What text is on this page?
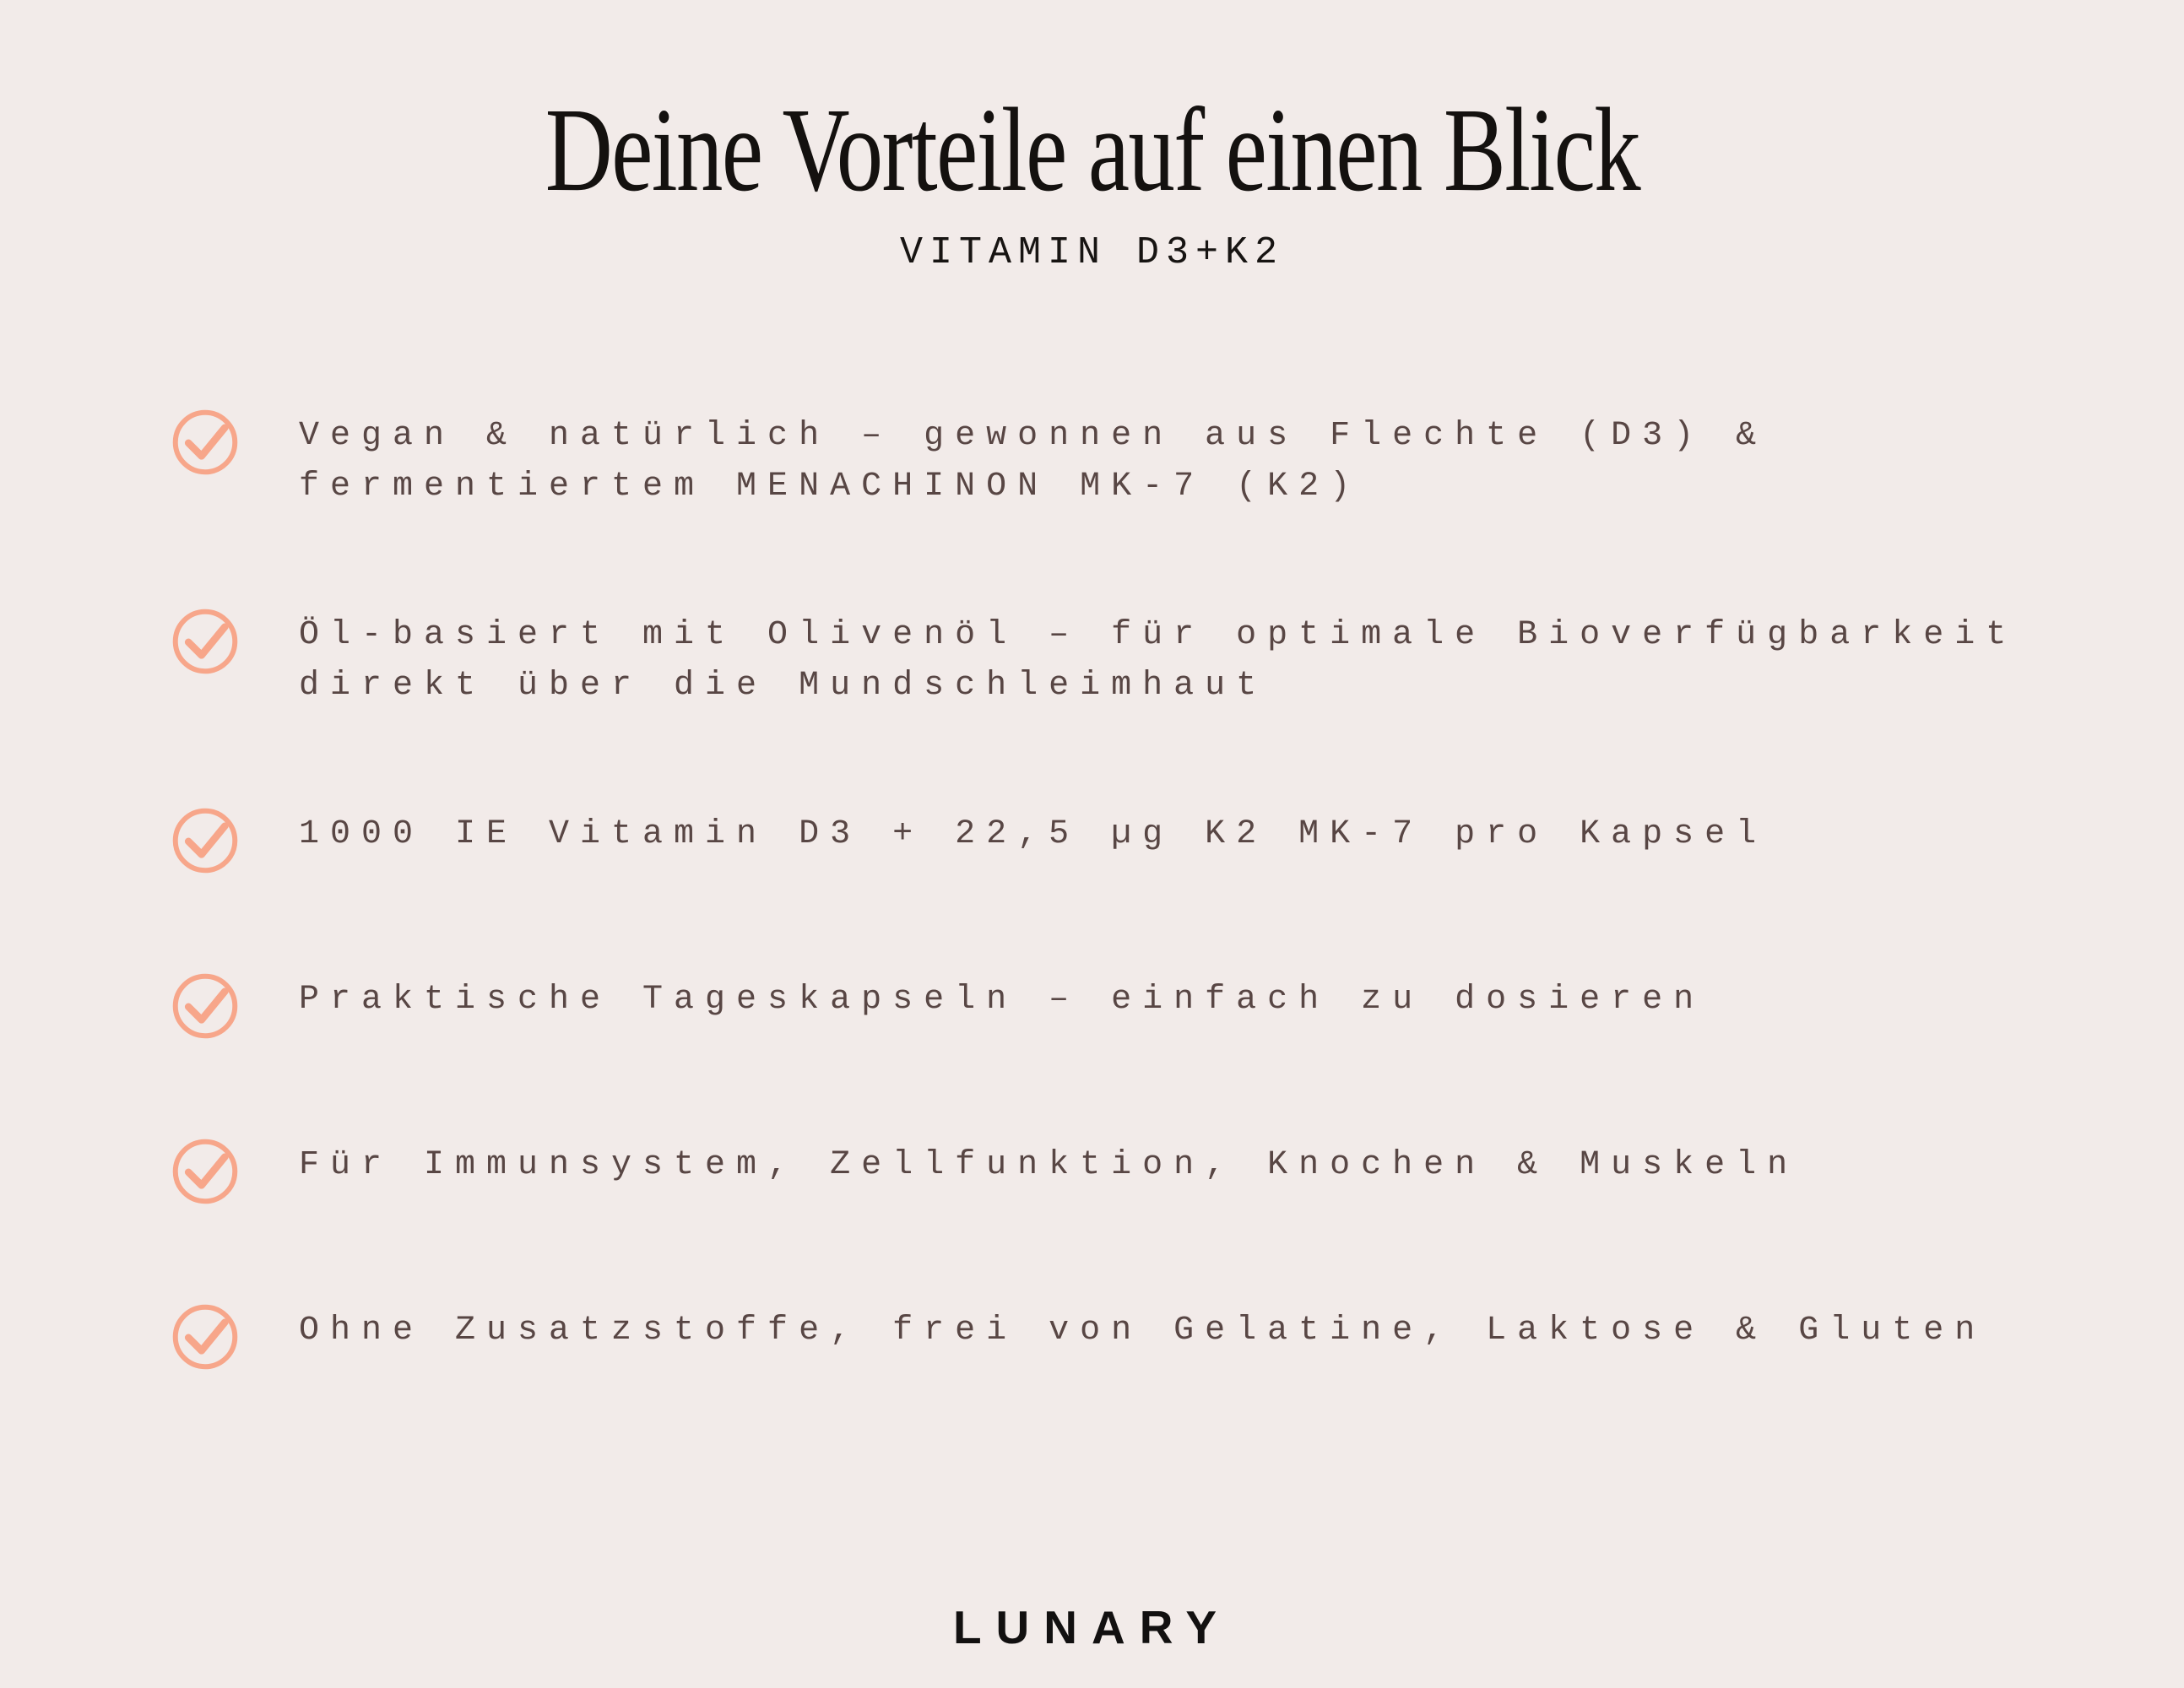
Deine Vorteile auf einen Blick
VITAMIN D3+K2
Vegan & natürlich – gewonnen aus Flechte (D3) &
fermentiertem MENACHINON MK-7 (K2)
Öl-basiert mit Olivenöl – für optimale Bioverfügbarkeit
direkt über die Mundschleimhaut
1000 IE Vitamin D3 + 22,5 µg K2 MK-7 pro Kapsel
Praktische Tageskapseln – einfach zu dosieren
Für Immunsystem, Zellfunktion, Knochen & Muskeln
Ohne Zusatzstoffe, frei von Gelatine, Laktose & Gluten
LUNARY
